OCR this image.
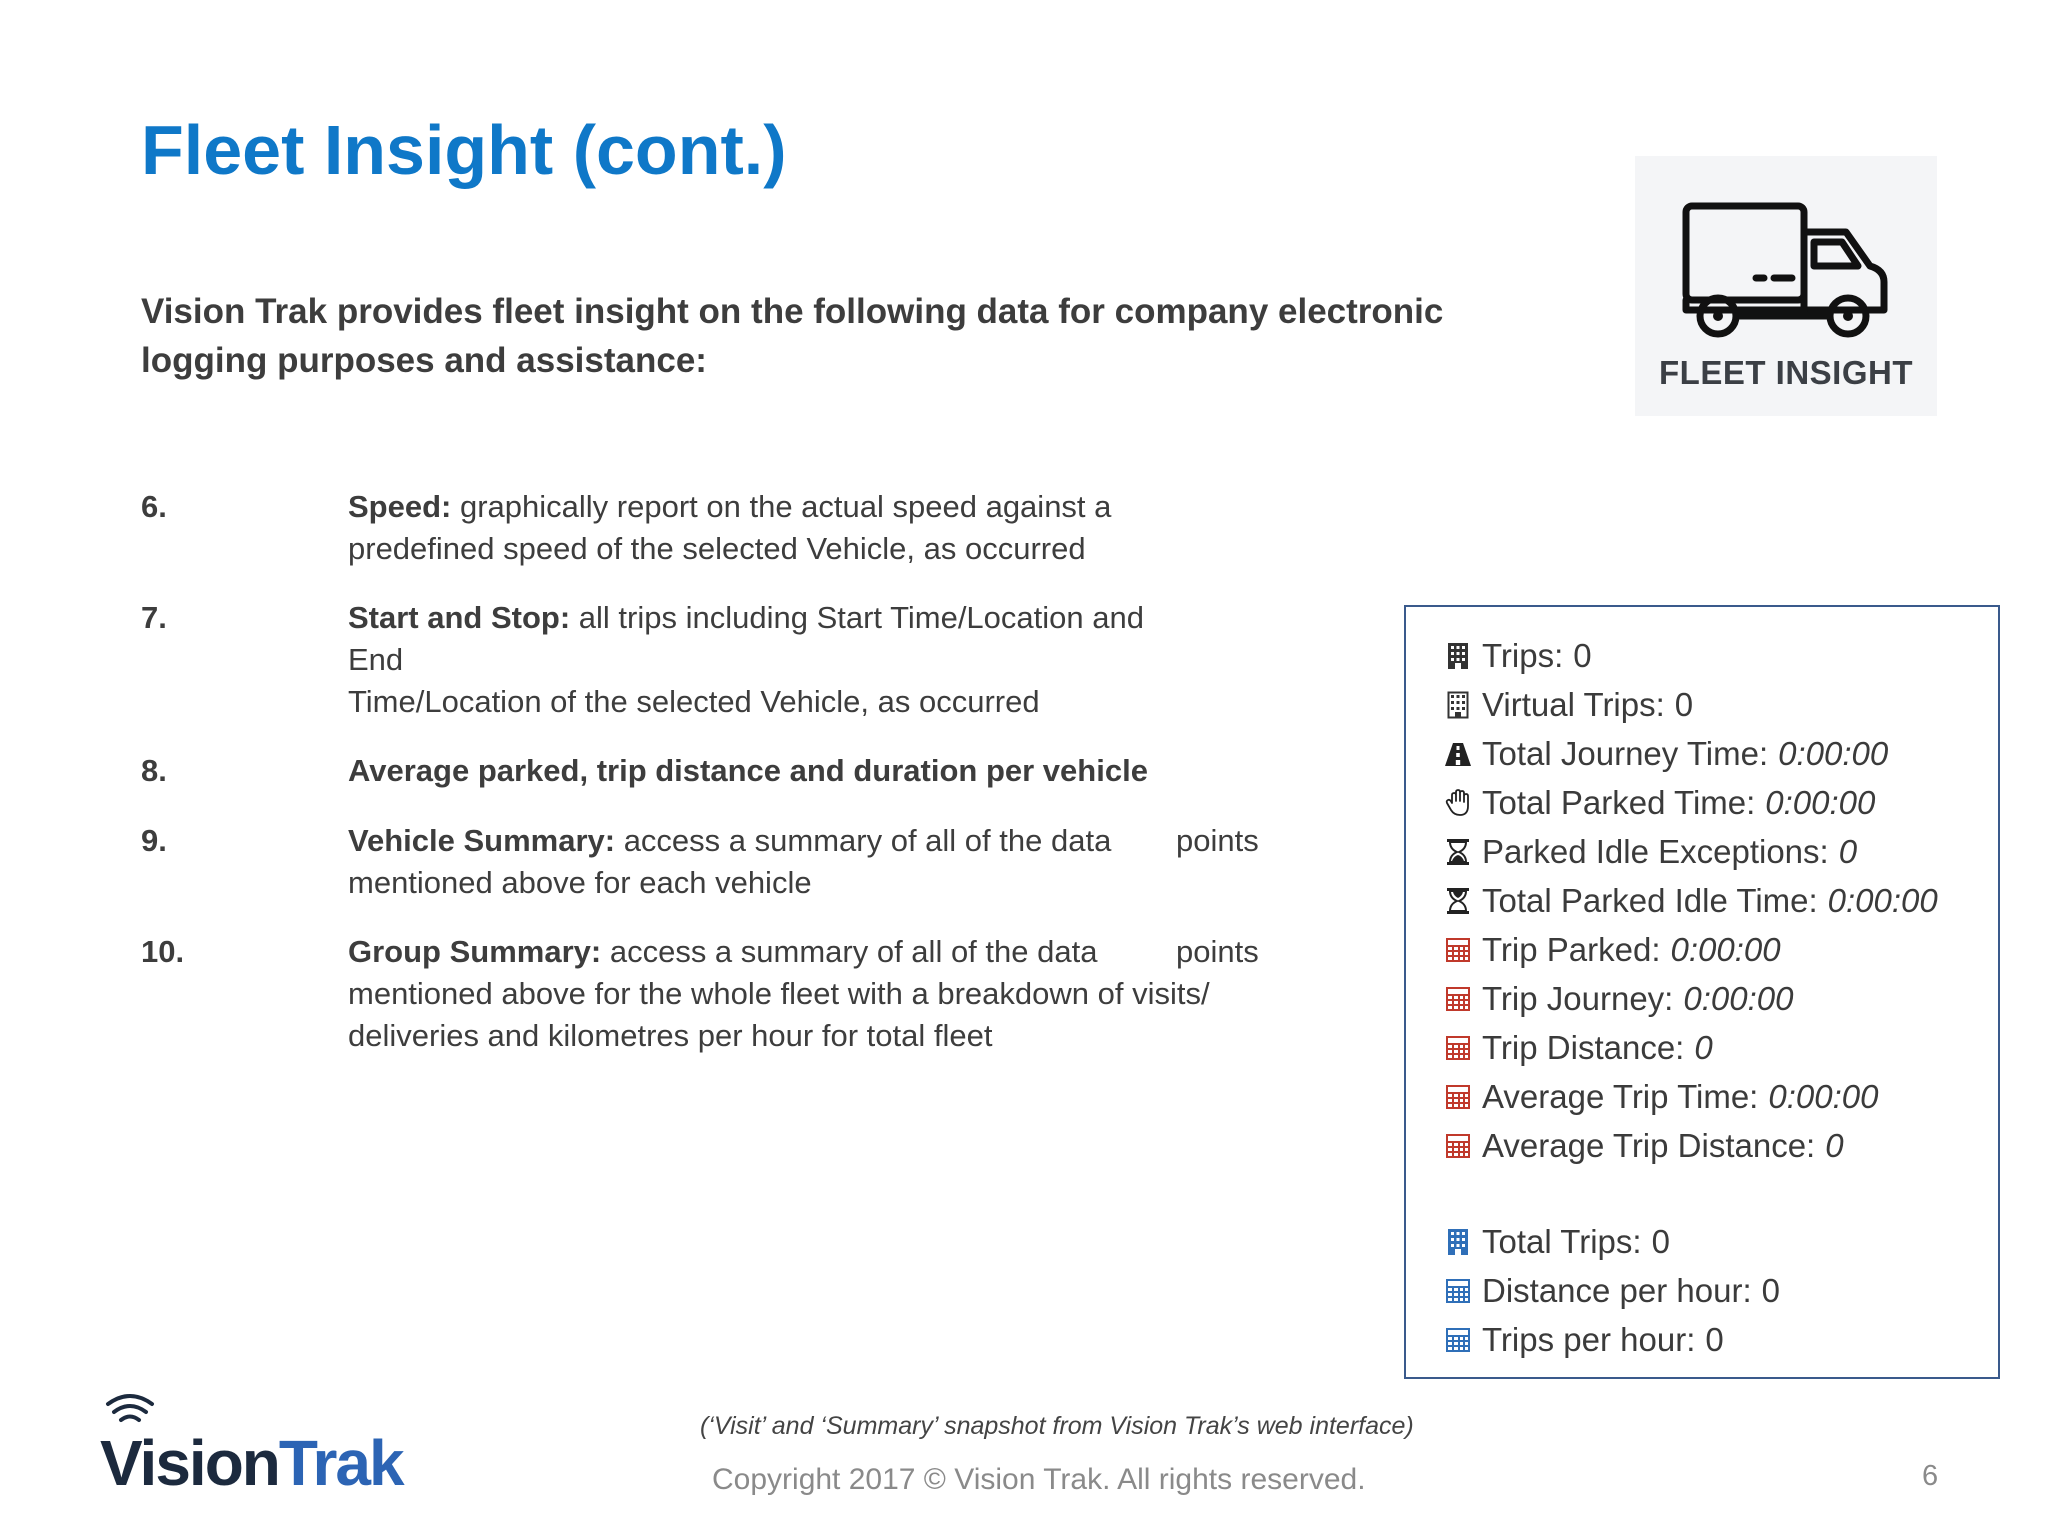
Fleet Insight (cont.)

Vision Trak provides fleet insight on the following data for company electronic logging purposes and assistance:	FLEET INSIGHT
6.	Speed: graphically report on the actual speed against a
predefined speed of the selected Vehicle, as occurred
7.	Start and Stop: all trips including Start Time/Location and
End
Time/Location of the selected Vehicle, as occurred
8.	Average parked, trip distance and duration per vehicle
9.	Vehicle Summary: access a summary of all of the data
mentioned above for each vehicle
points
10.	Group Summary: access a summary of all of the data
mentioned above for the whole fleet with a breakdown of visits/
deliveries and kilometres per hour for total fleet
points
Trips: 0
Virtual Trips: 0
Total Journey Time: 0:00:00
Total Parked Time: 0:00:00
Parked Idle Exceptions: 0
Total Parked Idle Time: 0:00:00
Trip Parked: 0:00:00
Trip Journey: 0:00:00
Trip Distance: 0
Average Trip Time: 0:00:00
Average Trip Distance: 0
Total Trips: 0
Distance per hour: 0
Trips per hour: 0
VisionTrak
(‘Visit’ and ‘Summary’ snapshot from Vision Trak’s web interface)
Copyright 2017 © Vision Trak. All rights reserved.	6
